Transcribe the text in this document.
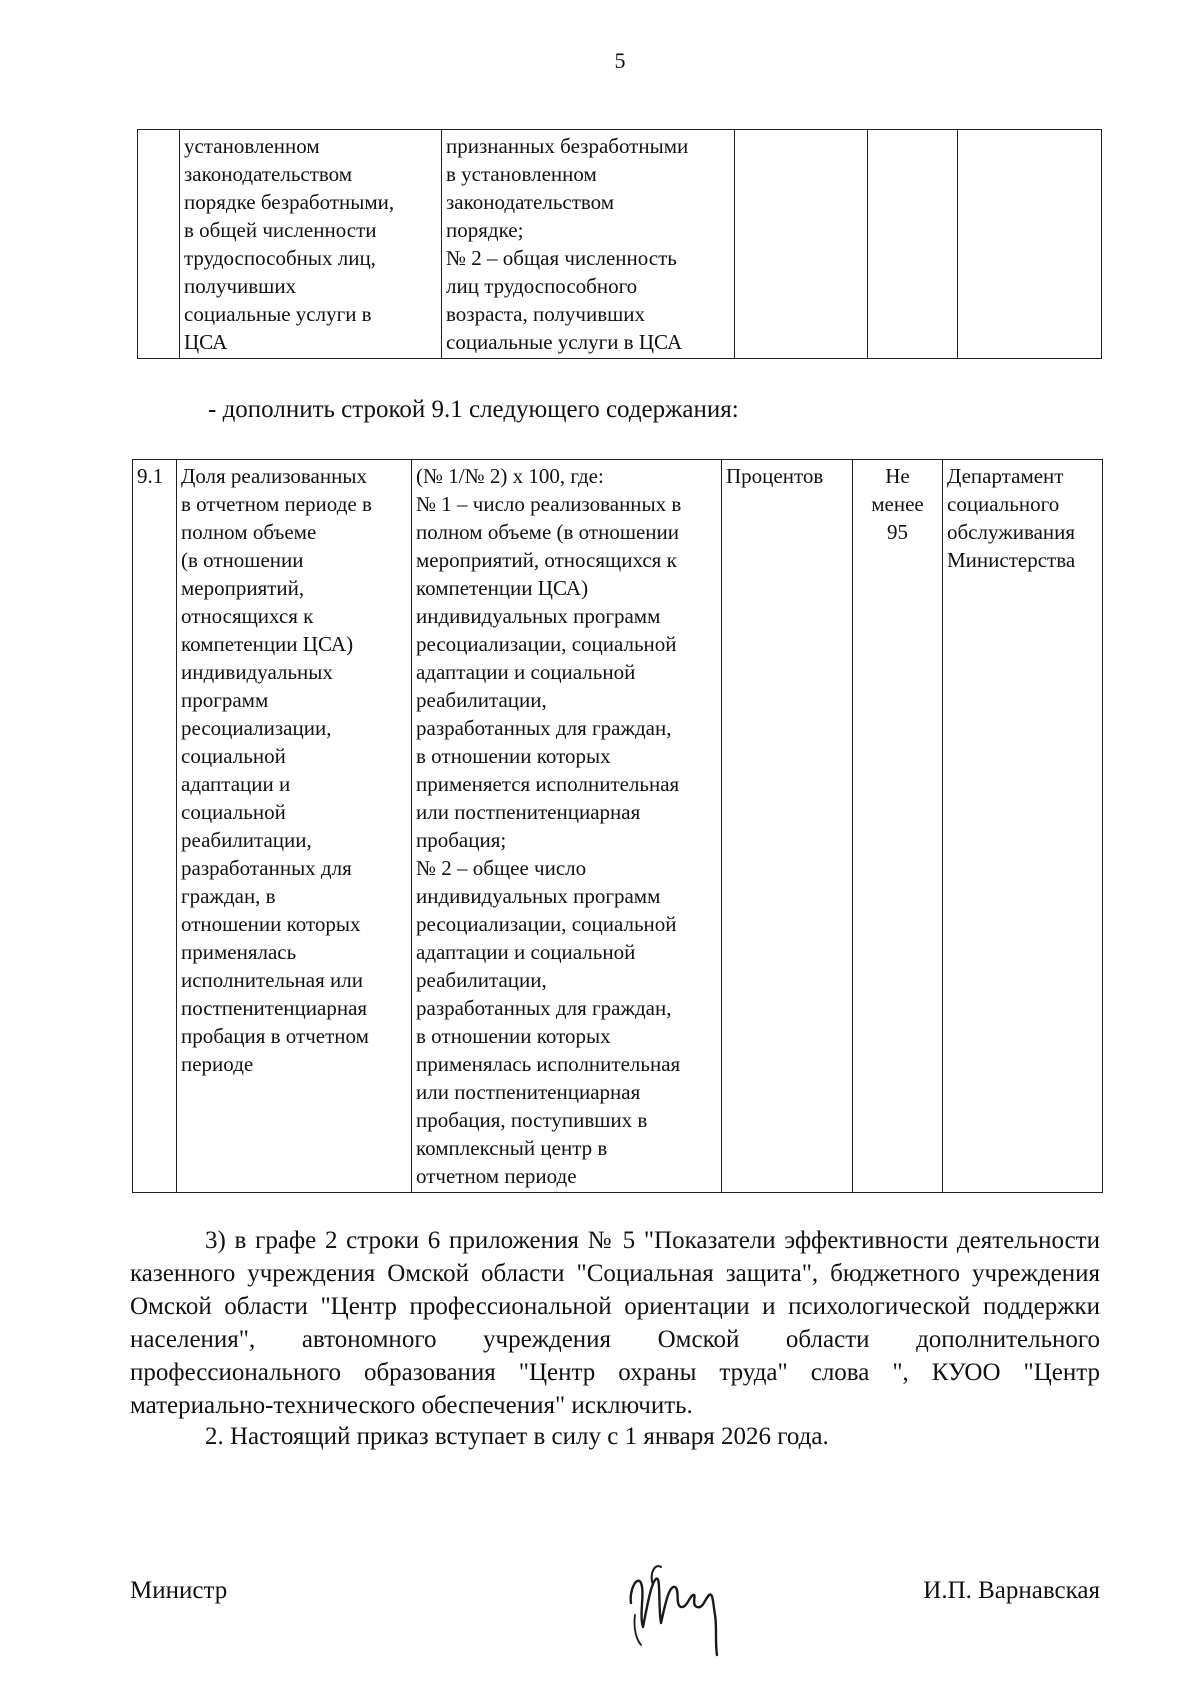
5
	установленном
законодательством
порядке безработными,
в общей численности
трудоспособных лиц,
получивших
социальные услуги в
ЦСА	признанных безработными
в установленном
законодательством
порядке;
№ 2 – общая численность
лиц трудоспособного
возраста, получивших
социальные услуги в ЦСА			
- дополнить строкой 9.1 следующего содержания:
9.1	Доля реализованных
в отчетном периоде в
полном объеме
(в отношении
мероприятий,
относящихся к
компетенции ЦСА)
индивидуальных
программ
ресоциализации,
социальной
адаптации и
социальной
реабилитации,
разработанных для
граждан, в
отношении которых
применялась
исполнительная или
постпенитенциарная
пробация в отчетном
периоде	(№ 1/№ 2) х 100, где:
№ 1 – число реализованных в
полном объеме (в отношении
мероприятий, относящихся к
компетенции ЦСА)
индивидуальных программ
ресоциализации, социальной
адаптации и социальной
реабилитации,
разработанных для граждан,
в отношении которых
применяется исполнительная
или постпенитенциарная
пробация;
№ 2 – общее число
индивидуальных программ
ресоциализации, социальной
адаптации и социальной
реабилитации,
разработанных для граждан,
в отношении которых
применялась исполнительная
или постпенитенциарная
пробация, поступивших в
комплексный центр в
отчетном периоде	Процентов	Не
менее
95	Департамент
социального
обслуживания
Министерства
3) в графе 2 строки 6 приложения № 5 "Показатели эффективности деятельности казенного учреждения Омской области "Социальная защита", бюджетного учреждения Омской области "Центр профессиональной ориентации и психологической поддержки населения", автономного учреждения Омской области дополнительного профессионального образования "Центр охраны труда" слова ", КУОО "Центр материально-технического обеспечения" исключить.
2. Настоящий приказ вступает в силу с 1 января 2026 года.
Министр	И.П. Варнавская
